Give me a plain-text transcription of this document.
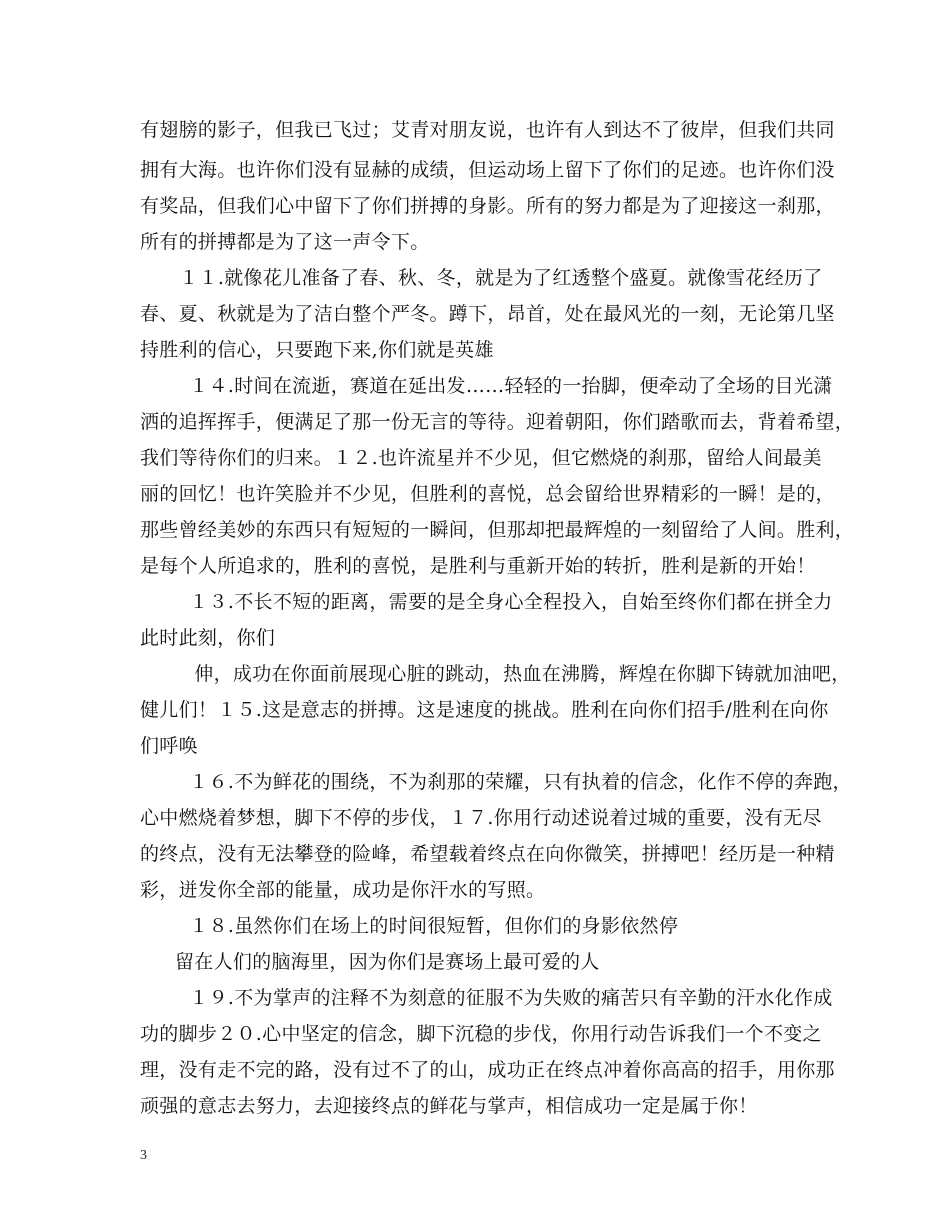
有翅膀的影子，但我已飞过；艾青对朋友说，也许有人到达不了彼岸，但我们共同
拥有大海。也许你们没有显赫的成绩，但运动场上留下了你们的足迹。也许你们没
有奖品，但我们心中留下了你们拼搏的身影。所有的努力都是为了迎接这一刹那，
所有的拼搏都是为了这一声令下。
　１１.就像花儿准备了春、秋、冬，就是为了红透整个盛夏。就像雪花经历了
春、夏、秋就是为了洁白整个严冬。蹲下，昂首，处在最风光的一刻，无论第几坚
持胜利的信心，只要跑下来,你们就是英雄
　１４.时间在流逝，赛道在延出发……轻轻的一抬脚，便牵动了全场的目光潇
洒的追挥挥手，便满足了那一份无言的等待。迎着朝阳，你们踏歌而去，背着希望，
我们等待你们的归来。１２.也许流星并不少见，但它燃烧的刹那，留给人间最美
丽的回忆！也许笑脸并不少见，但胜利的喜悦，总会留给世界精彩的一瞬！是的，
那些曾经美妙的东西只有短短的一瞬间，但那却把最辉煌的一刻留给了人间。胜利，
是每个人所追求的，胜利的喜悦，是胜利与重新开始的转折，胜利是新的开始！
　１３.不长不短的距离，需要的是全身心全程投入，自始至终你们都在拼全力
此时此刻，你们
　伸，成功在你面前展现心脏的跳动，热血在沸腾，辉煌在你脚下铸就加油吧，
健儿们！１５.这是意志的拼搏。这是速度的挑战。胜利在向你们招手/胜利在向你
们呼唤
　１６.不为鲜花的围绕，不为刹那的荣耀，只有执着的信念，化作不停的奔跑，
心中燃烧着梦想，脚下不停的步伐，１７.你用行动述说着过城的重要，没有无尽
的终点，没有无法攀登的险峰，希望载着终点在向你微笑，拼搏吧！经历是一种精
彩，迸发你全部的能量，成功是你汗水的写照。
　１８.虽然你们在场上的时间很短暂，但你们的身影依然停
留在人们的脑海里，因为你们是赛场上最可爱的人
　１９.不为掌声的注释不为刻意的征服不为失败的痛苦只有辛勤的汗水化作成
功的脚步２０.心中坚定的信念，脚下沉稳的步伐，你用行动告诉我们一个不变之
理，没有走不完的路，没有过不了的山，成功正在终点冲着你高高的招手，用你那
顽强的意志去努力，去迎接终点的鲜花与掌声，相信成功一定是属于你！
3
